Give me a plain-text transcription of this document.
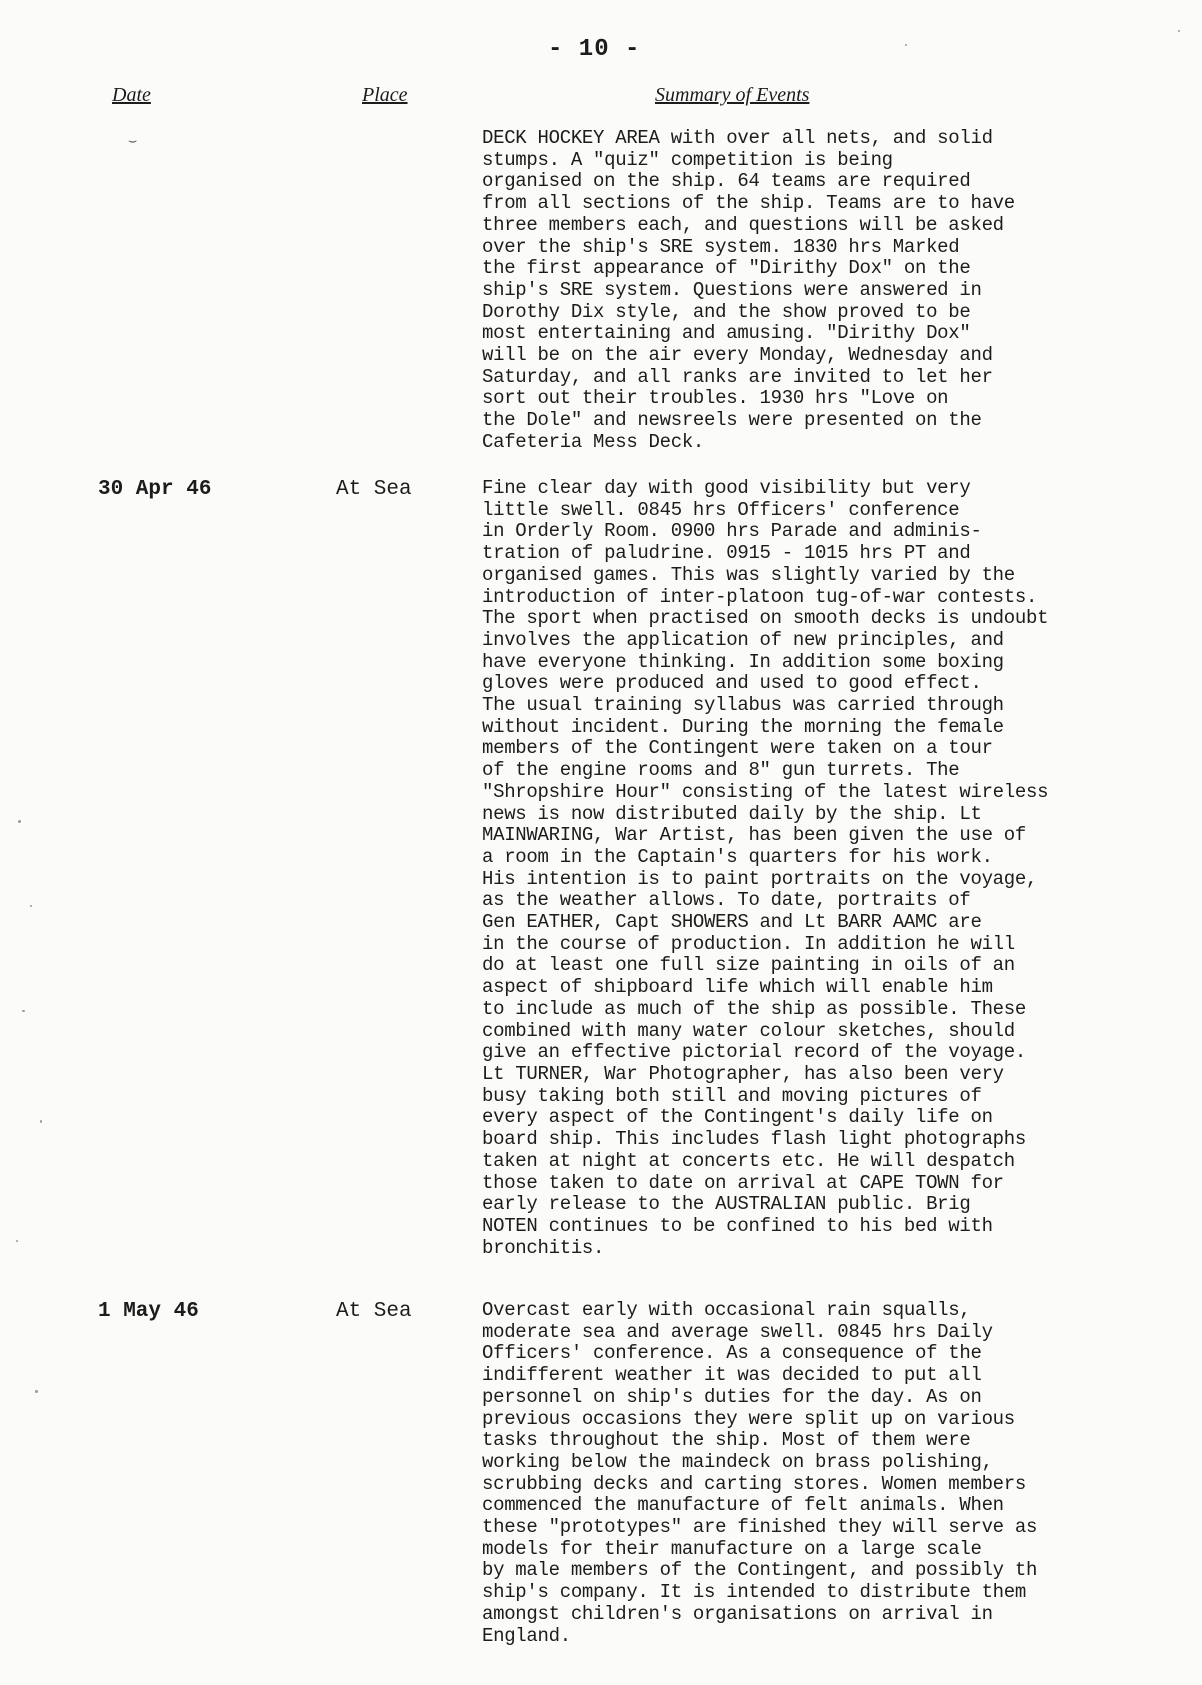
- 10 -
Date	Place	Summary of Events
⌣	DECK HOCKEY AREA with over all nets, and solid
stumps. A "quiz" competition is being
organised on the ship. 64 teams are required
from all sections of the ship. Teams are to have
three members each, and questions will be asked
over the ship's SRE system. 1830 hrs Marked
the first appearance of "Dirithy Dox" on the
ship's SRE system. Questions were answered in
Dorothy Dix style, and the show proved to be
most entertaining and amusing. "Dirithy Dox"
will be on the air every Monday, Wednesday and
Saturday, and all ranks are invited to let her
sort out their troubles. 1930 hrs "Love on
the Dole" and newsreels were presented on the
Cafeteria Mess Deck.
30 Apr 46	At Sea	Fine clear day with good visibility but very
little swell. 0845 hrs Officers' conference
in Orderly Room. 0900 hrs Parade and adminis-
tration of paludrine. 0915 - 1015 hrs PT and
organised games. This was slightly varied by the
introduction of inter-platoon tug-of-war contests.
The sport when practised on smooth decks is undoubt
involves the application of new principles, and
have everyone thinking. In addition some boxing
gloves were produced and used to good effect.
The usual training syllabus was carried through
without incident. During the morning the female
members of the Contingent were taken on a tour
of the engine rooms and 8" gun turrets. The
"Shropshire Hour" consisting of the latest wireless
news is now distributed daily by the ship. Lt
MAINWARING, War Artist, has been given the use of
a room in the Captain's quarters for his work.
His intention is to paint portraits on the voyage,
as the weather allows. To date, portraits of
Gen EATHER, Capt SHOWERS and Lt BARR AAMC are
in the course of production. In addition he will
do at least one full size painting in oils of an
aspect of shipboard life which will enable him
to include as much of the ship as possible. These
combined with many water colour sketches, should
give an effective pictorial record of the voyage.
Lt TURNER, War Photographer, has also been very
busy taking both still and moving pictures of
every aspect of the Contingent's daily life on
board ship. This includes flash light photographs
taken at night at concerts etc. He will despatch
those taken to date on arrival at CAPE TOWN for
early release to the AUSTRALIAN public. Brig
NOTEN continues to be confined to his bed with
bronchitis.
1 May 46	At Sea	Overcast early with occasional rain squalls,
moderate sea and average swell. 0845 hrs Daily
Officers' conference. As a consequence of the
indifferent weather it was decided to put all
personnel on ship's duties for the day. As on
previous occasions they were split up on various
tasks throughout the ship. Most of them were
working below the maindeck on brass polishing,
scrubbing decks and carting stores. Women members
commenced the manufacture of felt animals. When
these "prototypes" are finished they will serve as
models for their manufacture on a large scale
by male members of the Contingent, and possibly th
ship's company. It is intended to distribute them
amongst children's organisations on arrival in
England.
